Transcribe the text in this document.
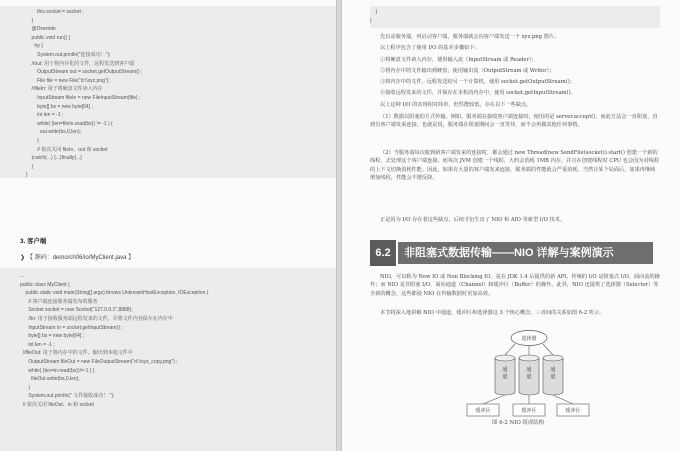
this.socket = socket ;
}
@Override
public void run() {
try {
System.out.println("连接成功！");
//out: 用于将内存化的文件，远程发送到客户端
OutputStream out = socket.getOutputStream() ;
File file = new File("d:\\xyz.png");
//fileIn: 用于将硬盘文件读入内存
InputStream fileIn = new FileInputStream(file) ;
byte[] bs = new byte[64] ;
int len = -1 ;
while( (len=fileIn.read(bs)) != -1 ) {
out.write(bs,0,len);
}
// 依次关闭 fileIn、out 和 socket
}catch(...) {...}finally{...}
}
}
3. 客户端
❯ 【 源码：demo/ch06/io/MyClient.java 】
...
public class MyClient {
public static void main(String[] args) throws UnknownHostException, IOException {
// 客户端连接服务端发布的服务
Socket socket = new Socket("127.0.0.1",8888);
//in: 用于接收服务端远程发来的文件，并将文件内容保存在内存中
InputStream in = socket.getInputStream() ;
byte[] bs = new byte[64] ;
int len = -1 ;
//fileOut: 用于将内存中的文件，输出到本地文件中
OutputStream fileOut = new FileOutputStream("d:\\xyz_copy.png") ;
while( (len=in.read(bs))!=-1 ) {
fileOut.write(bs,0,len);
}
System.out.println(" 文件接收成功！ ");
// 依次关闭 fileOut、in 和 socket
}
}

先启动服务端，再启动客户端，服务端就会向客户端发送一个 xyz.png 图片。

以上程序包含了使用 I/O 的基本步骤如下：

①将硬盘文件读入内存，使用输入流（InputStream 或 Reader）；
②将内存中的文件输出到硬盘，使用输出流（OutputStream 或 Writer）；
③将内存中的文件，远程发送给另一个计算机，使用 socket.getOutputStream()；
④接收远程发来的文件，并保存在本机的内存中，使用 socket.getInputStream()。

以上这种 I/O 的实现相对简单，但性能较低，存在以下一些缺点。

（1）数据以阻塞的方式传输。例如，服务端在接收客户端连接时，使用的是 server.accept()，而此方法会一直阻塞，直到有客户端发来连接。也就是说，服务端在阻塞期间会一直等待，而不会再做其他任何事情。

（2）当服务端每次收到新客户端发来的连接时，都会通过 new Thread(new SendFile(socket)).start() 创建一个新的线程，去处理这个客户端连接。而每次 JVM 创建一个线程，大约会消耗 1MB 内存，并且在创建线程时 CPU 也会因为对线程的上下文切换消耗性能。因此，如果有大量的客户端发来连接，服务端的性能就会严重消耗。当然让某个局面后，如果再继续增加线程，性能会不增反降。

正是因为 I/O 存在着这些缺点，后续才衍生出了 NIO 和 AIO 等新型 I/O 技术。

6.2	非阻塞式数据传输——NIO 详解与案例演示

NIO，可以称为 New IO 或 Non Blocking IO，是在 JDK 1.4 后提供的新 API。传统的 I/O 是阻塞式 I/O、面向流的操作；而 NIO 是非阻塞 I/O、面向通道（Channel）和缓冲区（Buffer）的操作。此外，NIO 还提供了选择器（Selector）等全新的概念，这些都使 NIO 在传输数据时更加高效。

本节将深入地讲解 NIO 中通道、缓冲区和选择器这 3 个核心概念，三者间的关系如图 6-2 所示。

选择器
通
道
通
道
通
道
缓冲区	缓冲区	缓冲区
图 6-2 NIO 组成结构
